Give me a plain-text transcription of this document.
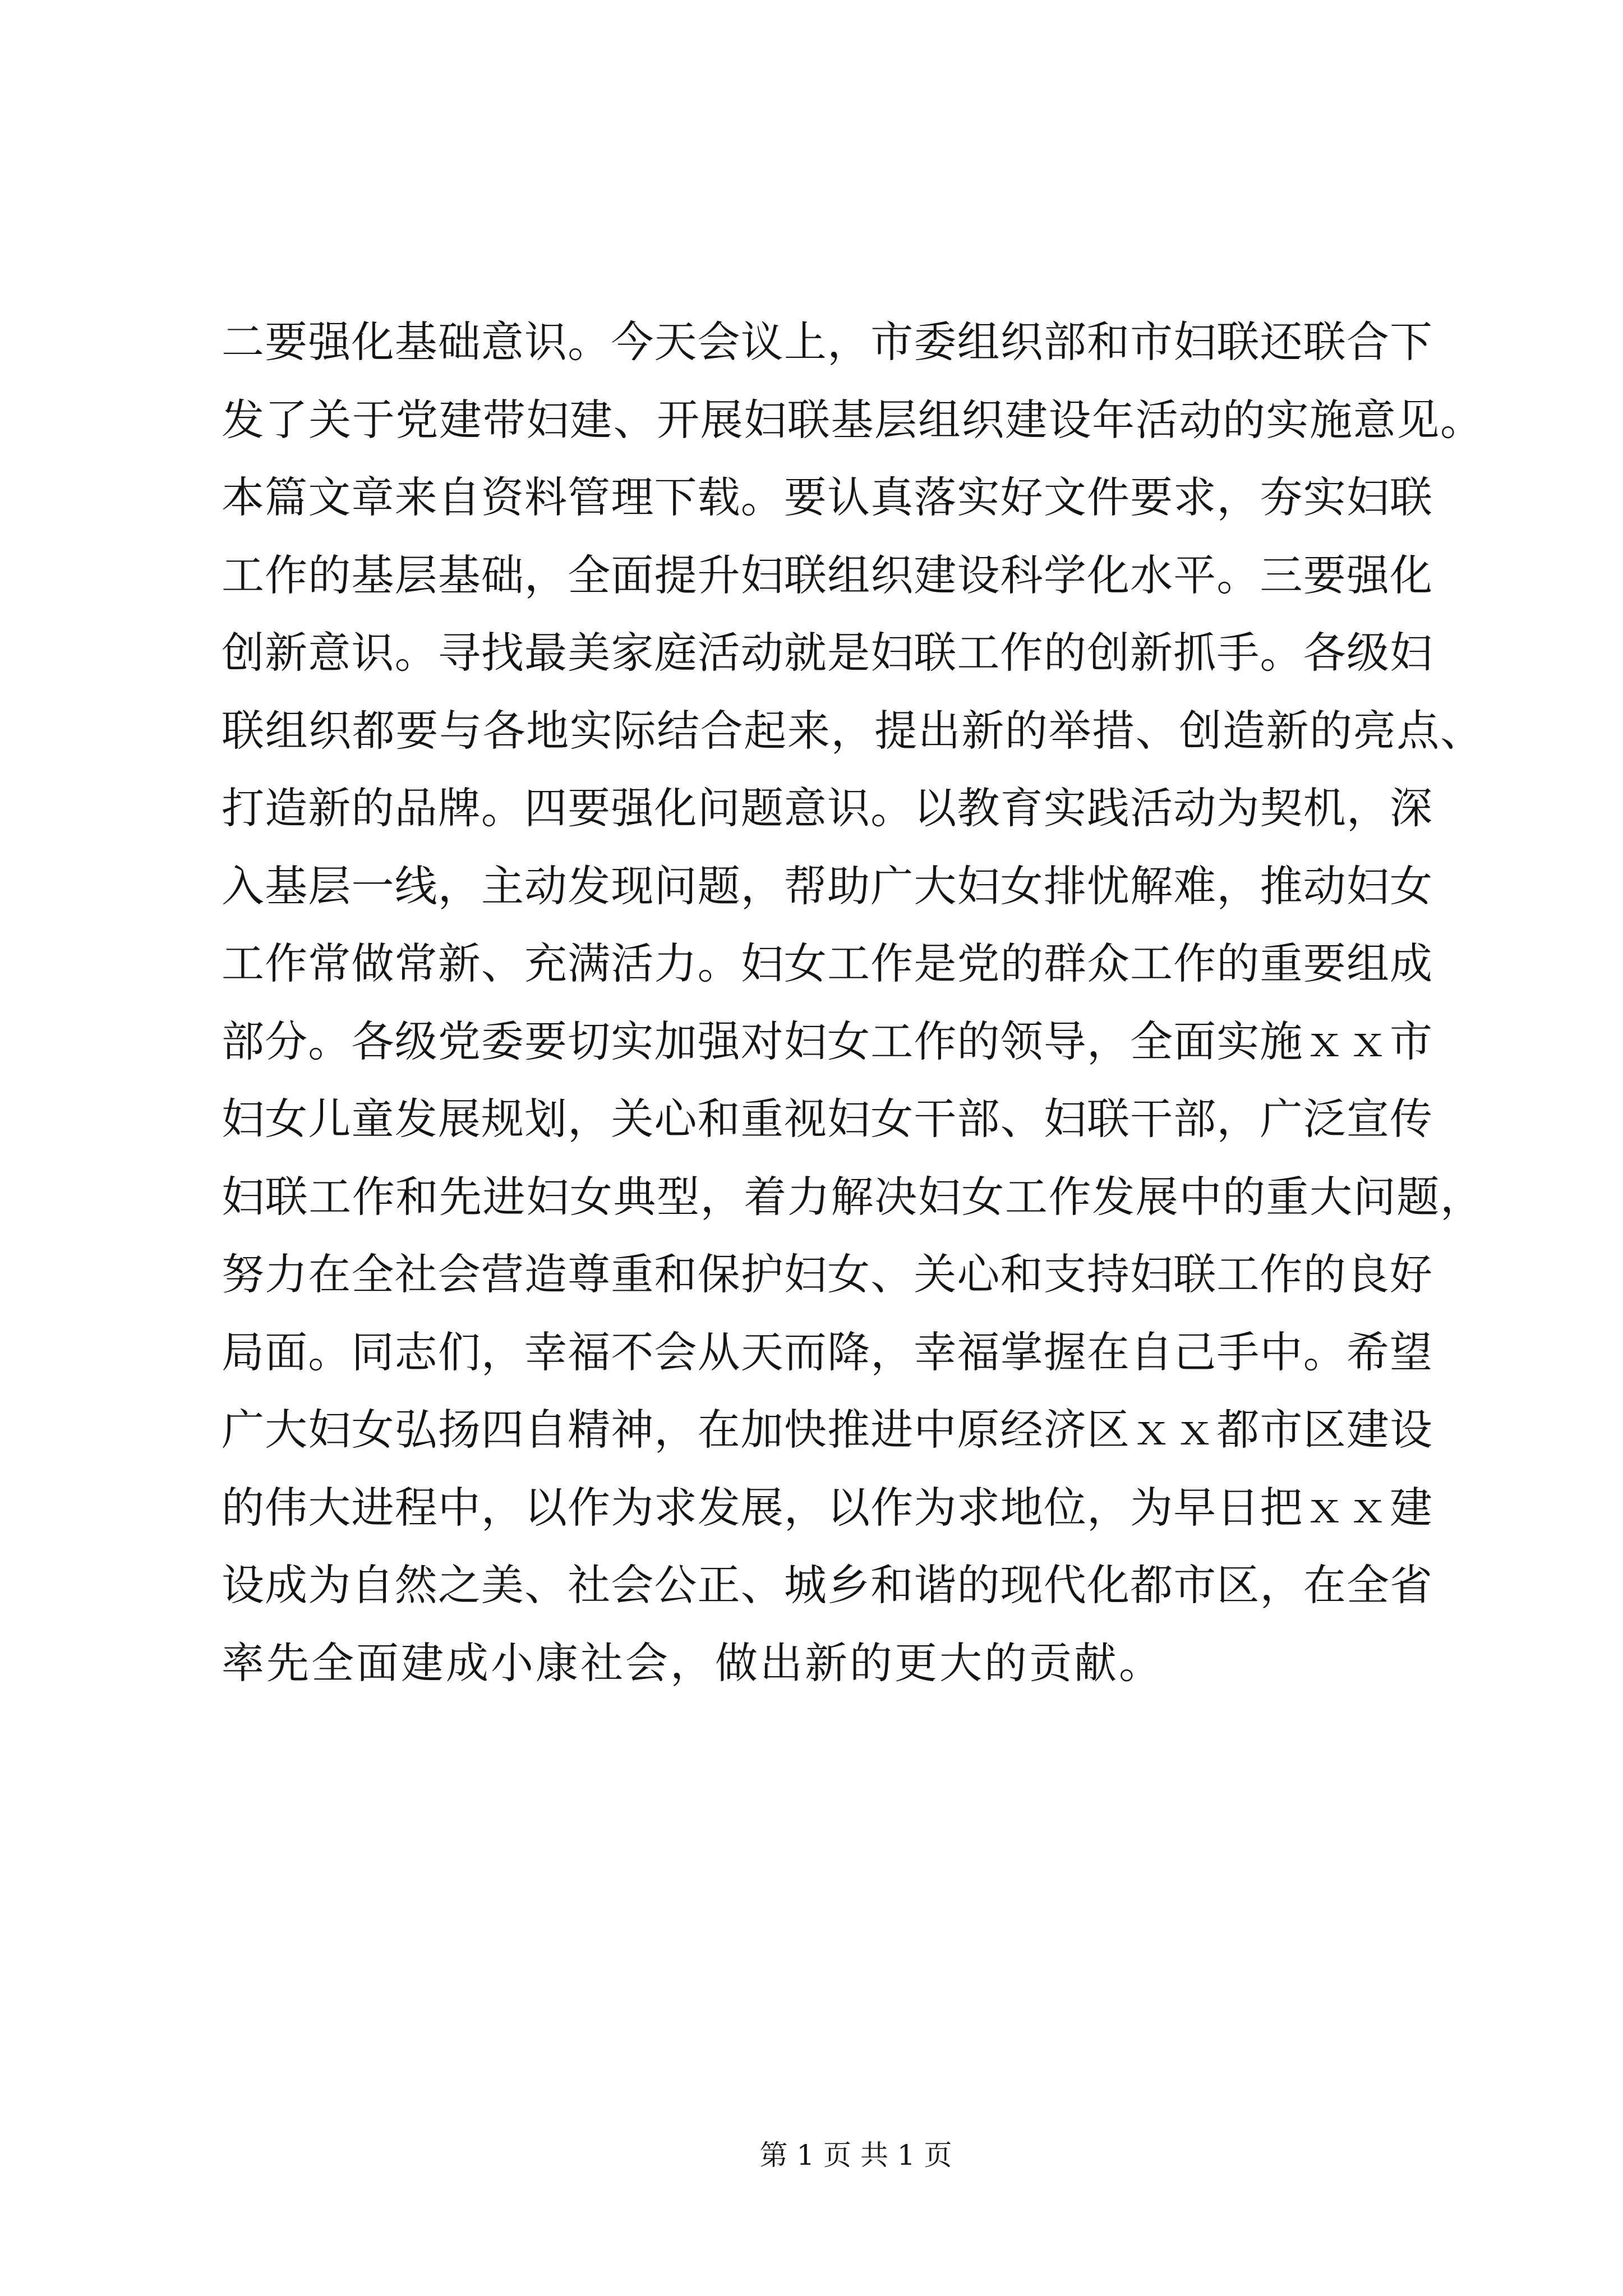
二要强化基础意识。今天会议上，市委组织部和市妇联还联合下
发了关于党建带妇建、开展妇联基层组织建设年活动的实施意见。
本篇文章来自资料管理下载。要认真落实好文件要求，夯实妇联
工作的基层基础，全面提升妇联组织建设科学化水平。三要强化
创新意识。寻找最美家庭活动就是妇联工作的创新抓手。各级妇
联组织都要与各地实际结合起来，提出新的举措、创造新的亮点、
打造新的品牌。四要强化问题意识。以教育实践活动为契机，深
入基层一线，主动发现问题，帮助广大妇女排忧解难，推动妇女
工作常做常新、充满活力。妇女工作是党的群众工作的重要组成
部分。各级党委要切实加强对妇女工作的领导，全面实施ｘｘ市
妇女儿童发展规划，关心和重视妇女干部、妇联干部，广泛宣传
妇联工作和先进妇女典型，着力解决妇女工作发展中的重大问题，
努力在全社会营造尊重和保护妇女、关心和支持妇联工作的良好
局面。同志们，幸福不会从天而降，幸福掌握在自己手中。希望
广大妇女弘扬四自精神，在加快推进中原经济区ｘｘ都市区建设
的伟大进程中，以作为求发展，以作为求地位，为早日把ｘｘ建
设成为自然之美、社会公正、城乡和谐的现代化都市区，在全省
率先全面建成小康社会，做出新的更大的贡献。
第 1 页 共 1 页
